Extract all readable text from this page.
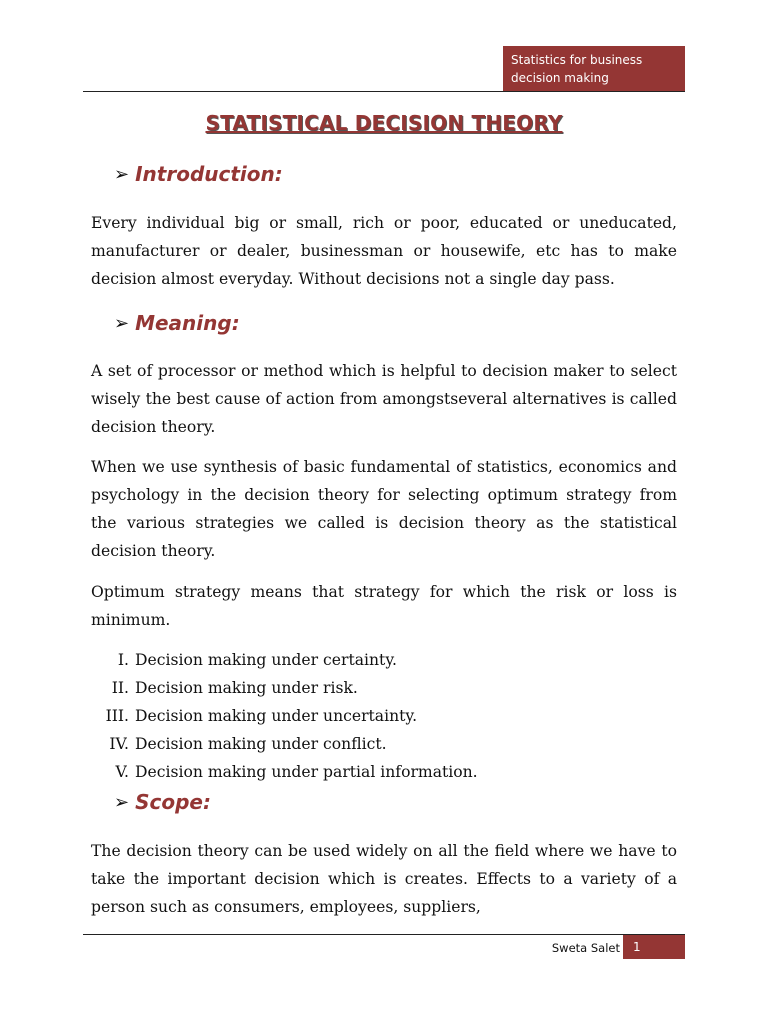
Statistics for business
decision making
STATISTICAL DECISION THEORY
➢ Introduction:

Every individual big or small, rich or poor, educated or uneducated, manufacturer or dealer, businessman or housewife, etc has to make decision almost everyday. Without decisions not a single day pass.

➢ Meaning:

A set of processor or method which is helpful to decision maker to select wisely the best cause of action from amongstseveral alternatives is called decision theory.

When we use synthesis of basic fundamental of statistics, economics and psychology in the decision theory for selecting optimum strategy from the various strategies we called is decision theory as the statistical decision theory.

Optimum strategy means that strategy for which the risk or loss is minimum.

I. Decision making under certainty.
II. Decision making under risk.
III. Decision making under uncertainty.
IV. Decision making under conflict.
V. Decision making under partial information.
➢ Scope:

The decision theory can be used widely on all the field where we have to take the important decision which is creates. Effects to a variety of a person such as consumers, employees, suppliers,

Sweta Salet	1
